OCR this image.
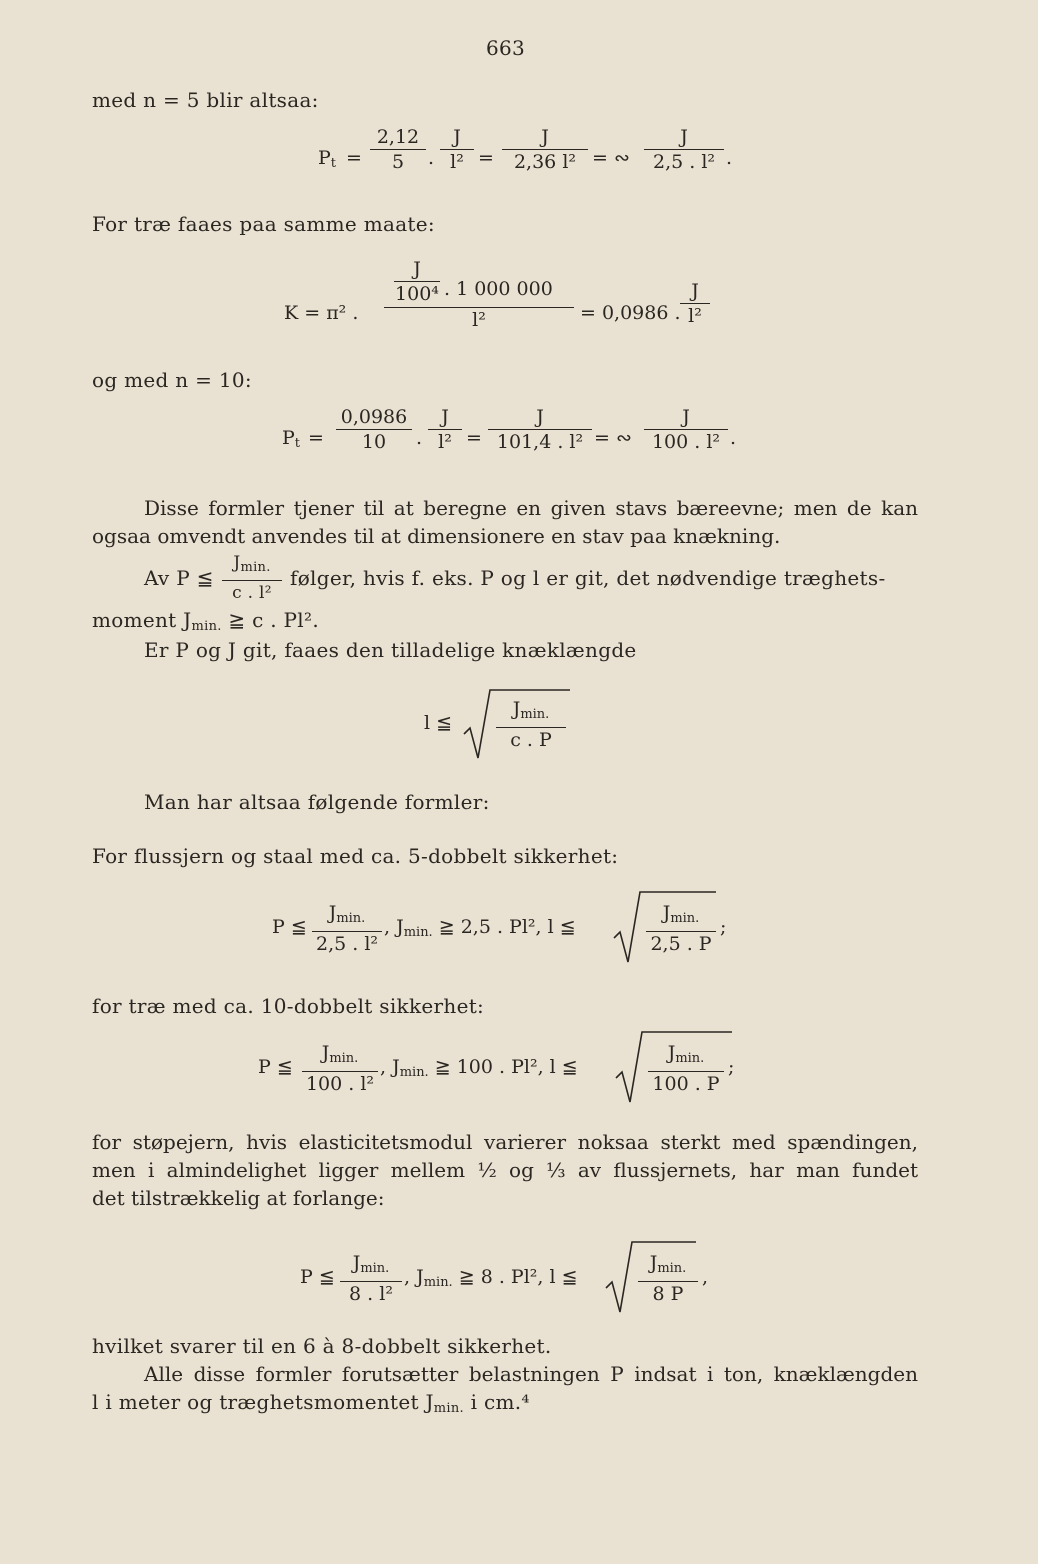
663
med n = 5 blir altsaa:
$P_t$ =
2,12
5	.
J
l² =
J
2,36 l² = ∾
J
2,5 . l² .
For træ faaes paa samme maate:
K = π² .
J
100⁴ . 1 000 000
l²	= 0,0986 .
J
l²
og med n = 10:
$P_t$ =
0,0986
10	.
J
l² =
J
101,4 . l² = ∾
J
100 . l² .
Disse formler tjener til at beregne en given stavs bæreevne; men de kan
ogsaa omvendt anvendes til at dimensionere en stav paa knækning.
Av P ≦
$J_{min.}$
c . l²
følger, hvis f. eks. P og l er git, det nødvendige træghets-
moment $J_{min.}$ ≧ c . Pl².
Er P og J git, faaes den tilladelige knæklængde
l ≦
$J_{min.}$
c . P
Man har altsaa følgende formler:
For flussjern og staal med ca. 5-dobbelt sikkerhet:
P ≦
$J_{min.}$
2,5 . l²
, $J_{min.}$ ≧ 2,5 . Pl², l ≦
$J_{min.}$
2,5 . P
;
for træ med ca. 10-dobbelt sikkerhet:
P ≦
$J_{min.}$
100 . l²
, $J_{min.}$ ≧ 100 . Pl², l ≦
$J_{min.}$
100 . P
;
for støpejern, hvis elasticitetsmodul varierer noksaa sterkt med spændingen,
men i almindelighet ligger mellem ½ og ⅓ av flussjernets, har man fundet
det tilstrækkelig at forlange:
P ≦
$J_{min.}$
8 . l²
, $J_{min.}$ ≧ 8 . Pl², l ≦
$J_{min.}$
8 P
,
hvilket svarer til en 6 à 8-dobbelt sikkerhet.
Alle disse formler forutsætter belastningen P indsat i ton, knæklængden
l i meter og træghetsmomentet $J_{min.}$ i cm.⁴
